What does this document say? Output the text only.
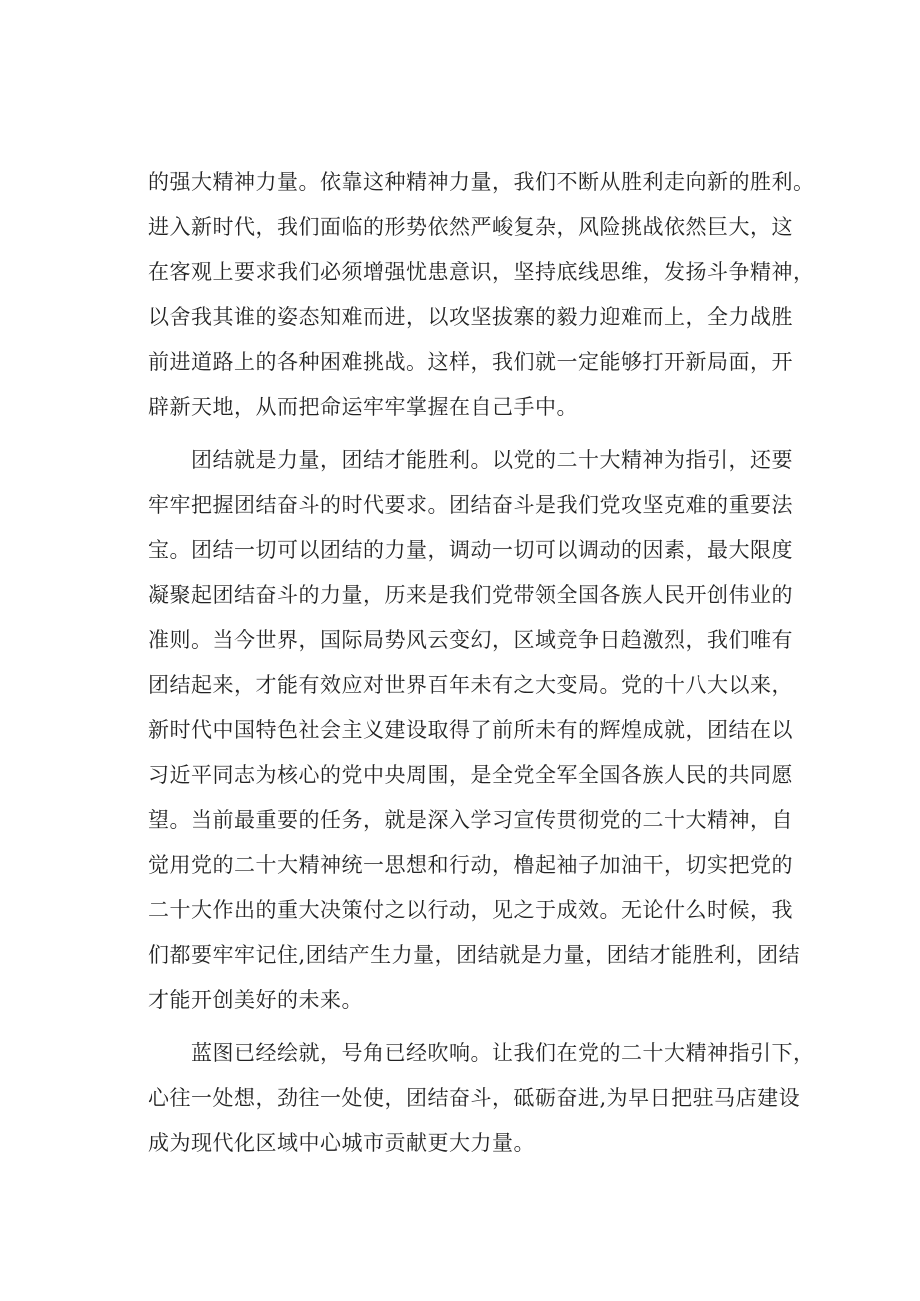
的强大精神力量。依靠这种精神力量，我们不断从胜利走向新的胜利。
进入新时代，我们面临的形势依然严峻复杂，风险挑战依然巨大，这
在客观上要求我们必须增强忧患意识，坚持底线思维，发扬斗争精神，
以舍我其谁的姿态知难而进，以攻坚拔寨的毅力迎难而上，全力战胜
前进道路上的各种困难挑战。这样，我们就一定能够打开新局面，开
辟新天地，从而把命运牢牢掌握在自己手中。
　　团结就是力量，团结才能胜利。以党的二十大精神为指引，还要
牢牢把握团结奋斗的时代要求。团结奋斗是我们党攻坚克难的重要法
宝。团结一切可以团结的力量，调动一切可以调动的因素，最大限度
凝聚起团结奋斗的力量，历来是我们党带领全国各族人民开创伟业的
准则。当今世界，国际局势风云变幻，区域竞争日趋激烈，我们唯有
团结起来，才能有效应对世界百年未有之大变局。党的十八大以来，
新时代中国特色社会主义建设取得了前所未有的辉煌成就，团结在以
习近平同志为核心的党中央周围，是全党全军全国各族人民的共同愿
望。当前最重要的任务，就是深入学习宣传贯彻党的二十大精神，自
觉用党的二十大精神统一思想和行动，橹起袖子加油干，切实把党的
二十大作出的重大决策付之以行动，见之于成效。无论什么时候，我
们都要牢牢记住,团结产生力量，团结就是力量，团结才能胜利，团结
才能开创美好的未来。
　　蓝图已经绘就，号角已经吹响。让我们在党的二十大精神指引下，
心往一处想，劲往一处使，团结奋斗，砥砺奋进,为早日把驻马店建设
成为现代化区域中心城市贡献更大力量。
